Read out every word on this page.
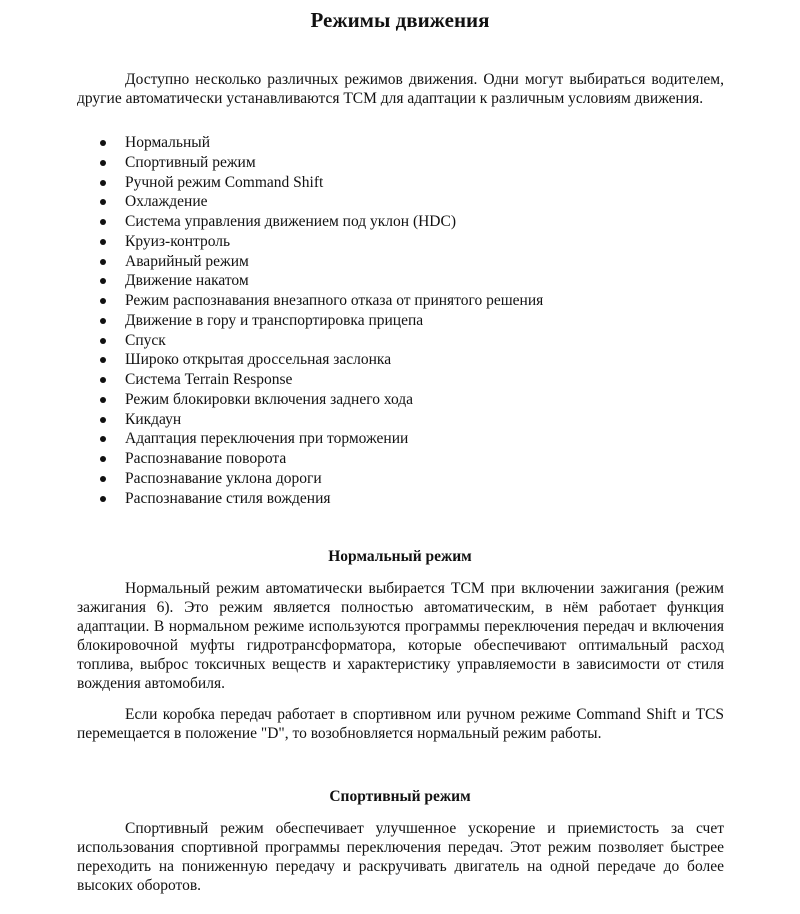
Режимы движения

Доступно несколько различных режимов движения. Одни могут выбираться водителем, другие автоматически устанавливаются TCM для адаптации к различным условиям движения.

Нормальный
Спортивный режим
Ручной режим Command Shift
Охлаждение
Система управления движением под уклон (HDC)
Круиз-контроль
Аварийный режим
Движение накатом
Режим распознавания внезапного отказа от принятого решения
Движение в гору и транспортировка прицепа
Спуск
Широко открытая дроссельная заслонка
Система Terrain Response
Режим блокировки включения заднего хода
Кикдаун
Адаптация переключения при торможении
Распознавание поворота
Распознавание уклона дороги
Распознавание стиля вождения
Нормальный режим

Нормальный режим автоматически выбирается TCM при включении зажигания (режим зажигания 6). Это режим является полностью автоматическим, в нём работает функция адаптации. В нормальном режиме используются программы переключения передач и включения блокировочной муфты гидротрансформатора, которые обеспечивают оптимальный расход топлива, выброс токсичных веществ и характеристику управляемости в зависимости от стиля вождения автомобиля.

Если коробка передач работает в спортивном или ручном режиме Command Shift и TCS перемещается в положение "D", то возобновляется нормальный режим работы.

Спортивный режим

Спортивный режим обеспечивает улучшенное ускорение и приемистость за счет использования спортивной программы переключения передач. Этот режим позволяет быстрее переходить на пониженную передачу и раскручивать двигатель на одной передаче до более высоких оборотов.
